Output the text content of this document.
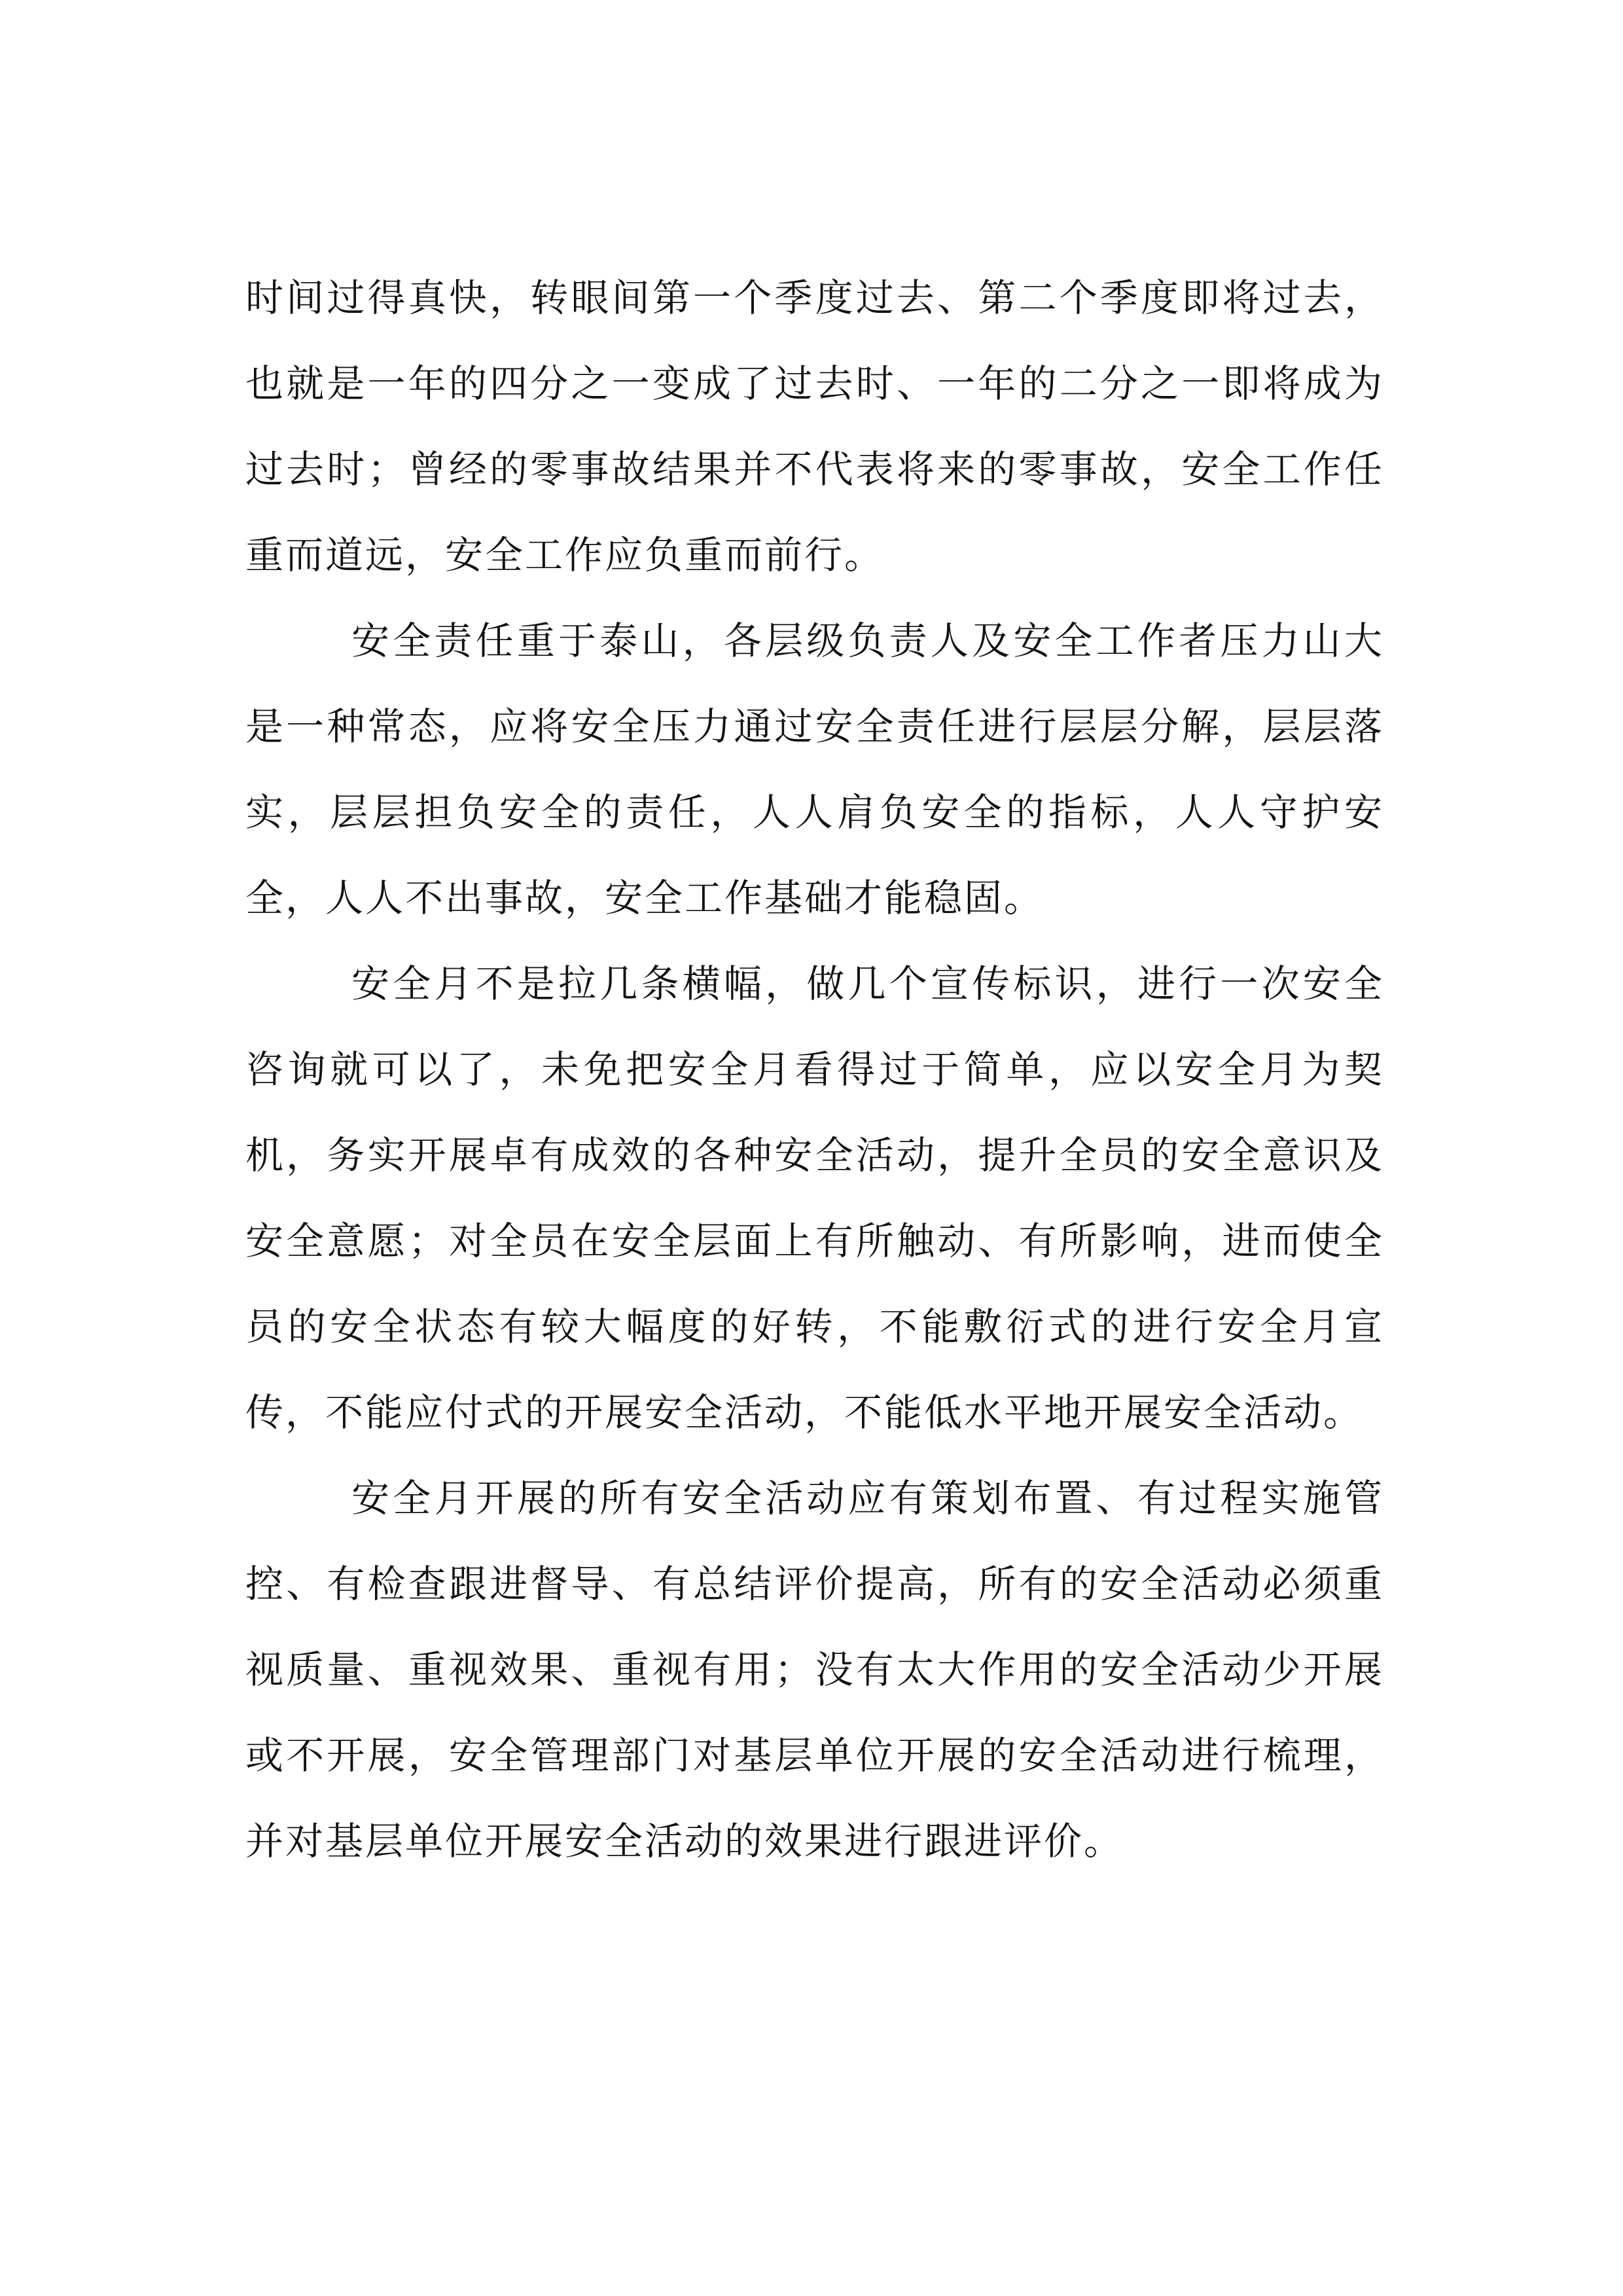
时间过得真快，转眼间第一个季度过去、第二个季度即将过去，也就是一年的四分之一变成了过去时、一年的二分之一即将成为过去时；曾经的零事故结果并不代表将来的零事故，安全工作任重而道远，安全工作应负重而前行。

安全责任重于泰山，各层级负责人及安全工作者压力山大是一种常态，应将安全压力通过安全责任进行层层分解，层层落实，层层担负安全的责任，人人肩负安全的指标，人人守护安全，人人不出事故，安全工作基础才能稳固。

安全月不是拉几条横幅，做几个宣传标识，进行一次安全咨询就可以了，未免把安全月看得过于简单，应以安全月为契机，务实开展卓有成效的各种安全活动，提升全员的安全意识及安全意愿；对全员在安全层面上有所触动、有所影响，进而使全员的安全状态有较大幅度的好转，不能敷衍式的进行安全月宣传，不能应付式的开展安全活动，不能低水平地开展安全活动。

安全月开展的所有安全活动应有策划布置、有过程实施管控、有检查跟进督导、有总结评价提高，所有的安全活动必须重视质量、重视效果、重视有用；没有太大作用的安全活动少开展或不开展，安全管理部门对基层单位开展的安全活动进行梳理，并对基层单位开展安全活动的效果进行跟进评价。
